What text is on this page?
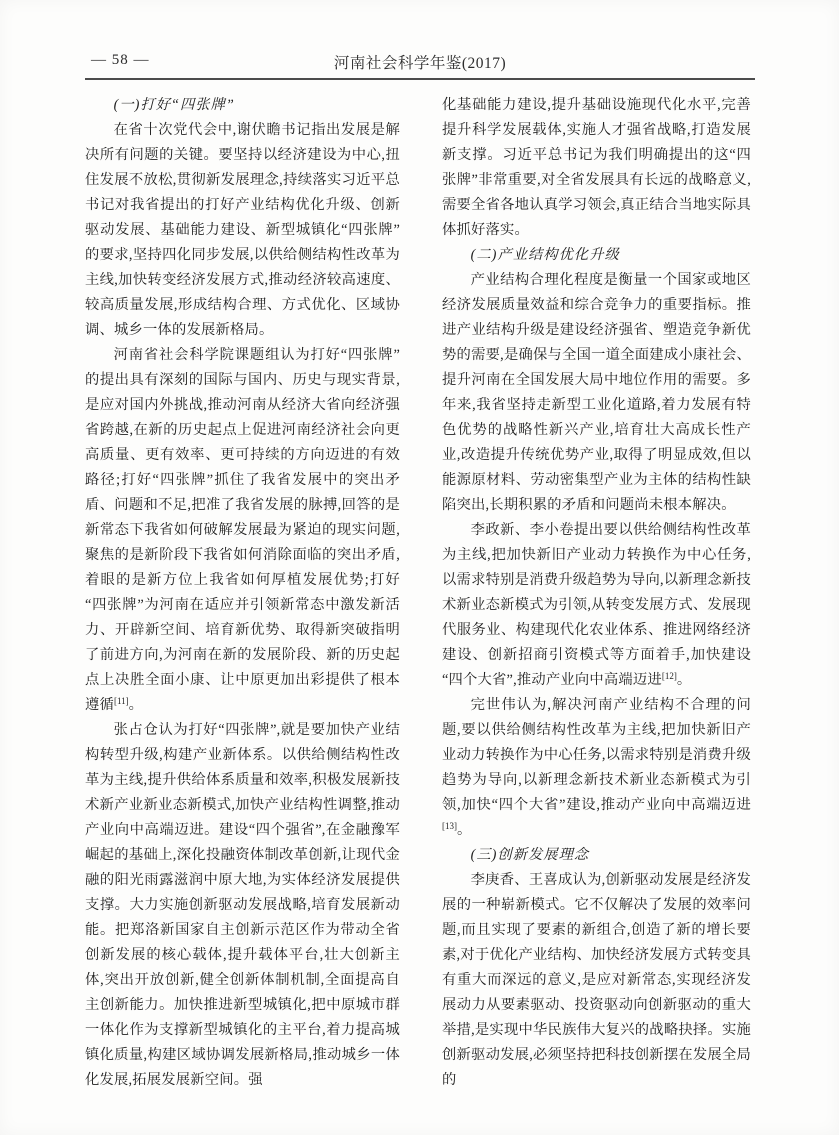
— 58 —	河南社会科学年鉴(2017)

(一)打好“四张牌”

在省十次党代会中,谢伏瞻书记指出发展是解决所有问题的关键。要坚持以经济建设为中心,扭住发展不放松,贯彻新发展理念,持续落实习近平总书记对我省提出的打好产业结构优化升级、创新驱动发展、基础能力建设、新型城镇化“四张牌”的要求,坚持四化同步发展,以供给侧结构性改革为主线,加快转变经济发展方式,推动经济较高速度、较高质量发展,形成结构合理、方式优化、区域协调、城乡一体的发展新格局。

河南省社会科学院课题组认为打好“四张牌”的提出具有深刻的国际与国内、历史与现实背景,是应对国内外挑战,推动河南从经济大省向经济强省跨越,在新的历史起点上促进河南经济社会向更高质量、更有效率、更可持续的方向迈进的有效路径;打好“四张牌”抓住了我省发展中的突出矛盾、问题和不足,把准了我省发展的脉搏,回答的是新常态下我省如何破解发展最为紧迫的现实问题,聚焦的是新阶段下我省如何消除面临的突出矛盾,着眼的是新方位上我省如何厚植发展优势;打好“四张牌”为河南在适应并引领新常态中激发新活力、开辟新空间、培育新优势、取得新突破指明了前进方向,为河南在新的发展阶段、新的历史起点上决胜全面小康、让中原更加出彩提供了根本遵循[11]。

张占仓认为打好“四张牌”,就是要加快产业结构转型升级,构建产业新体系。以供给侧结构性改革为主线,提升供给体系质量和效率,积极发展新技术新产业新业态新模式,加快产业结构性调整,推动产业向中高端迈进。建设“四个强省”,在金融豫军崛起的基础上,深化投融资体制改革创新,让现代金融的阳光雨露滋润中原大地,为实体经济发展提供支撑。大力实施创新驱动发展战略,培育发展新动能。把郑洛新国家自主创新示范区作为带动全省创新发展的核心载体,提升载体平台,壮大创新主体,突出开放创新,健全创新体制机制,全面提高自主创新能力。加快推进新型城镇化,把中原城市群一体化作为支撑新型城镇化的主平台,着力提高城镇化质量,构建区域协调发展新格局,推动城乡一体化发展,拓展发展新空间。强

化基础能力建设,提升基础设施现代化水平,完善提升科学发展载体,实施人才强省战略,打造发展新支撑。习近平总书记为我们明确提出的这“四张牌”非常重要,对全省发展具有长远的战略意义,需要全省各地认真学习领会,真正结合当地实际具体抓好落实。

(二)产业结构优化升级

产业结构合理化程度是衡量一个国家或地区经济发展质量效益和综合竞争力的重要指标。推进产业结构升级是建设经济强省、塑造竞争新优势的需要,是确保与全国一道全面建成小康社会、提升河南在全国发展大局中地位作用的需要。多年来,我省坚持走新型工业化道路,着力发展有特色优势的战略性新兴产业,培育壮大高成长性产业,改造提升传统优势产业,取得了明显成效,但以能源原材料、劳动密集型产业为主体的结构性缺陷突出,长期积累的矛盾和问题尚未根本解决。

李政新、李小卷提出要以供给侧结构性改革为主线,把加快新旧产业动力转换作为中心任务,以需求特别是消费升级趋势为导向,以新理念新技术新业态新模式为引领,从转变发展方式、发展现代服务业、构建现代化农业体系、推进网络经济建设、创新招商引资模式等方面着手,加快建设“四个大省”,推动产业向中高端迈进[12]。

完世伟认为,解决河南产业结构不合理的问题,要以供给侧结构性改革为主线,把加快新旧产业动力转换作为中心任务,以需求特别是消费升级趋势为导向,以新理念新技术新业态新模式为引领,加快“四个大省”建设,推动产业向中高端迈进[13]。

(三)创新发展理念

李庚香、王喜成认为,创新驱动发展是经济发展的一种崭新模式。它不仅解决了发展的效率问题,而且实现了要素的新组合,创造了新的增长要素,对于优化产业结构、加快经济发展方式转变具有重大而深远的意义,是应对新常态,实现经济发展动力从要素驱动、投资驱动向创新驱动的重大举措,是实现中华民族伟大复兴的战略抉择。实施创新驱动发展,必须坚持把科技创新摆在发展全局的
